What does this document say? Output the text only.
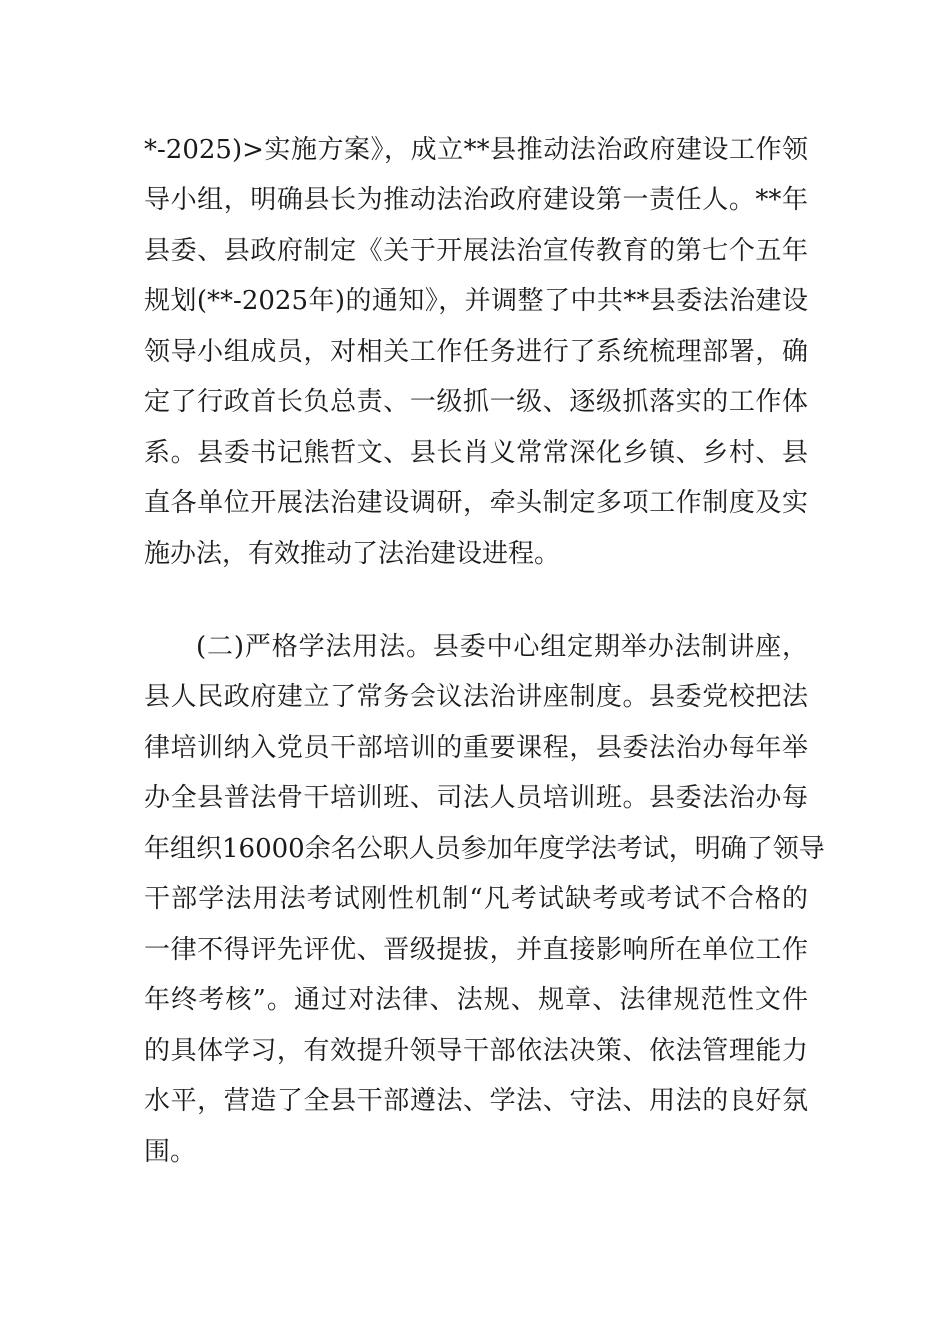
*-2025)>实施方案》，成立**县推动法治政府建设工作领
导小组，明确县长为推动法治政府建设第一责任人。**年
县委、县政府制定《关于开展法治宣传教育的第七个五年
规划(**-2025年)的通知》，并调整了中共**县委法治建设
领导小组成员，对相关工作任务进行了系统梳理部署，确
定了行政首长负总责、一级抓一级、逐级抓落实的工作体
系。县委书记熊哲文、县长肖义常常深化乡镇、乡村、县
直各单位开展法治建设调研，牵头制定多项工作制度及实
施办法，有效推动了法治建设进程。
(二)严格学法用法。县委中心组定期举办法制讲座，
县人民政府建立了常务会议法治讲座制度。县委党校把法
律培训纳入党员干部培训的重要课程，县委法治办每年举
办全县普法骨干培训班、司法人员培训班。县委法治办每
年组织16000余名公职人员参加年度学法考试，明确了领导
干部学法用法考试刚性机制“凡考试缺考或考试不合格的
一律不得评先评优、晋级提拔，并直接影响所在单位工作
年终考核”。通过对法律、法规、规章、法律规范性文件
的具体学习，有效提升领导干部依法决策、依法管理能力
水平，营造了全县干部遵法、学法、守法、用法的良好氛
围。
